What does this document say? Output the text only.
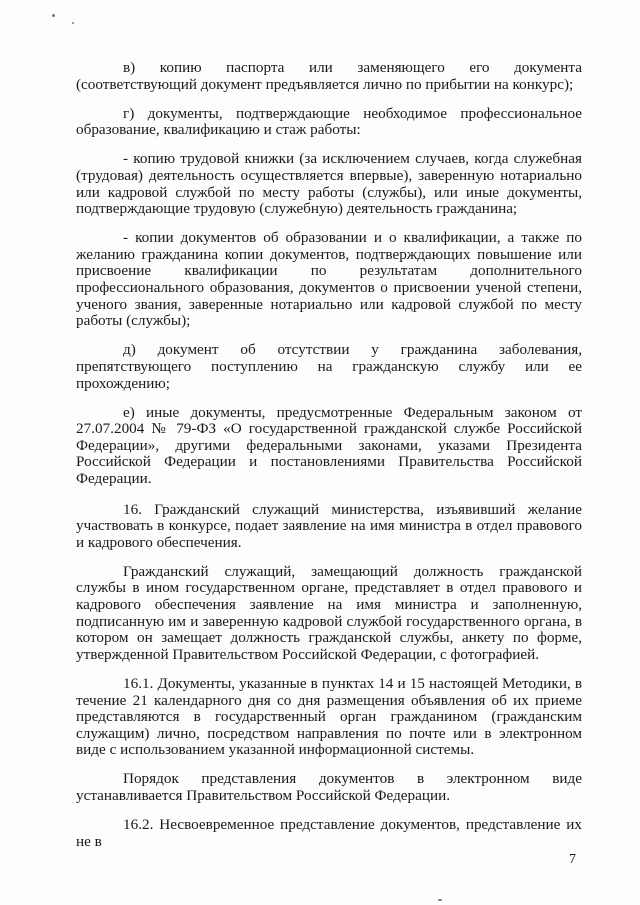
в) копию паспорта или заменяющего его документа (соответствующий документ предъявляется лично по прибытии на конкурс);

г) документы, подтверждающие необходимое профессиональное образование, квалификацию и стаж работы:

- копию трудовой книжки (за исключением случаев, когда служебная (трудовая) деятельность осуществляется впервые), заверенную нотариально или кадровой службой по месту работы (службы), или иные документы, подтверждающие трудовую (служебную) деятельность гражданина;

- копии документов об образовании и о квалификации, а также по желанию гражданина копии документов, подтверждающих повышение или присвоение квалификации по результатам дополнительного профессионального образования, документов о присвоении ученой степени, ученого звания, заверенные нотариально или кадровой службой по месту работы (службы);

д) документ об отсутствии у гражданина заболевания, препятствующего поступлению на гражданскую службу или ее прохождению;

е) иные документы, предусмотренные Федеральным законом от 27.07.2004 № 79-ФЗ «О государственной гражданской службе Российской Федерации», другими федеральными законами, указами Президента Российской Федерации и постановлениями Правительства Российской Федерации.

16. Гражданский служащий министерства, изъявивший желание участвовать в конкурсе, подает заявление на имя министра в отдел правового и кадрового обеспечения.

Гражданский служащий, замещающий должность гражданской службы в ином государственном органе, представляет в отдел правового и кадрового обеспечения заявление на имя министра и заполненную, подписанную им и заверенную кадровой службой государственного органа, в котором он замещает должность гражданской службы, анкету по форме, утвержденной Правительством Российской Федерации, с фотографией.

16.1. Документы, указанные в пунктах 14 и 15 настоящей Методики, в течение 21 календарного дня со дня размещения объявления об их приеме представляются в государственный орган гражданином (гражданским служащим) лично, посредством направления по почте или в электронном виде с использованием указанной информационной системы.

Порядок представления документов в электронном виде устанавливается Правительством Российской Федерации.

16.2. Несвоевременное представление документов, представление их не в

7
